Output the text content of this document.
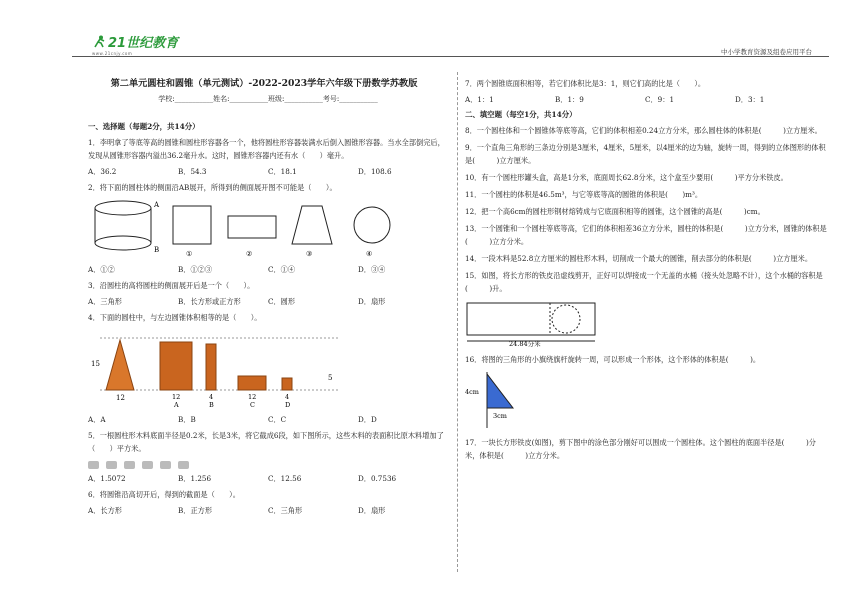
21世纪教育
www.21cnjy.com	中小学教育资源及组卷应用平台
第二单元圆柱和圆锥（单元测试）-2022-2023学年六年级下册数学苏教版
学校:___________姓名:___________班级:___________考号:___________
一、选择题（每题2分，共14分）
1．李明拿了等底等高的圆锥和圆柱形容器各一个，他将圆柱形容器装满水后倒入圆锥形容器。当水全部倒完后，发现从圆锥形容器内溢出36.2毫升水。这时，圆锥形容器内还有水（　　）毫升。
A．36.2	B．54.3	C．18.1	D．108.6
2．将下面的圆柱体的侧面沿AB展开，所得到的侧面展开图不可能是（　　）。
A
B	①	②	③	④
A．①②	B．①②③	C．①④	D．③④
3．沿圆柱的高将圆柱的侧面展开后是一个（　　）。
A．三角形	B．长方形或正方形	C．圆形	D．扇形
4．下面的圆柱中，与左边圆锥体积相等的是（　　）。
15
12
5
12	4	12	4
A	B	C	D
A．A	B．B	C．C	D．D
5．一根圆柱形木料底面半径是0.2米，长是3米，将它截成6段，如下图所示，这些木料的表面积比原木料增加了（　　）平方米。
A．1.5072	B．1.256	C．12.56	D．0.7536
6．将圆锥沿高切开后，得到的截面是（　　）。
A．长方形	B．正方形	C．三角形	D．扇形
7．两个圆锥底面积相等，若它们体积比是3：1，则它们高的比是（　　）。
A．1：1	B．1：9	C．9：1	D．3：1
二、填空题（每空1分，共14分）
8．一个圆柱体和一个圆锥体等底等高，它们的体积相差0.24立方分米，那么圆柱体的体积是(　　　)立方厘米。
9．一个直角三角形的三条边分别是3厘米，4厘米，5厘米，以4厘米的边为轴，旋转一周，得到的立体图形的体积是(　　　)立方厘米。
10．有一个圆柱形罐头盒，高是1分米，底面周长62.8分米，这个盒至少要用(　　　)平方分米铁皮。
11．一个圆柱的体积是46.5m³，与它等底等高的圆锥的体积是(　　)m³。
12．把一个高6cm的圆柱形钢材熔铸成与它底面积相等的圆锥，这个圆锥的高是(　　　)cm。
13．一个圆锥和一个圆柱等底等高，它们的体积相差36立方分米，圆柱的体积是(　　　)立方分米，圆锥的体积是(　　　)立方分米。
14．一段木料是52.8立方厘米的圆柱形木料，切削成一个最大的圆锥，削去部分的体积是(　　　)立方厘米。
15．如图，将长方形的铁皮沿虚线剪开，正好可以焊接成一个无盖的水桶（接头处忽略不计），这个水桶的容积是(　　　)升。
24.84分米
16．将图的三角形的小旗绕旗杆旋转一周，可以形成一个形体，这个形体的体积是(　　　)。
4cm
3cm
17．一块长方形铁皮(如图)，剪下图中的涂色部分刚好可以围成一个圆柱体。这个圆柱的底面半径是(　　　)分米，体积是(　　　)立方分米。
